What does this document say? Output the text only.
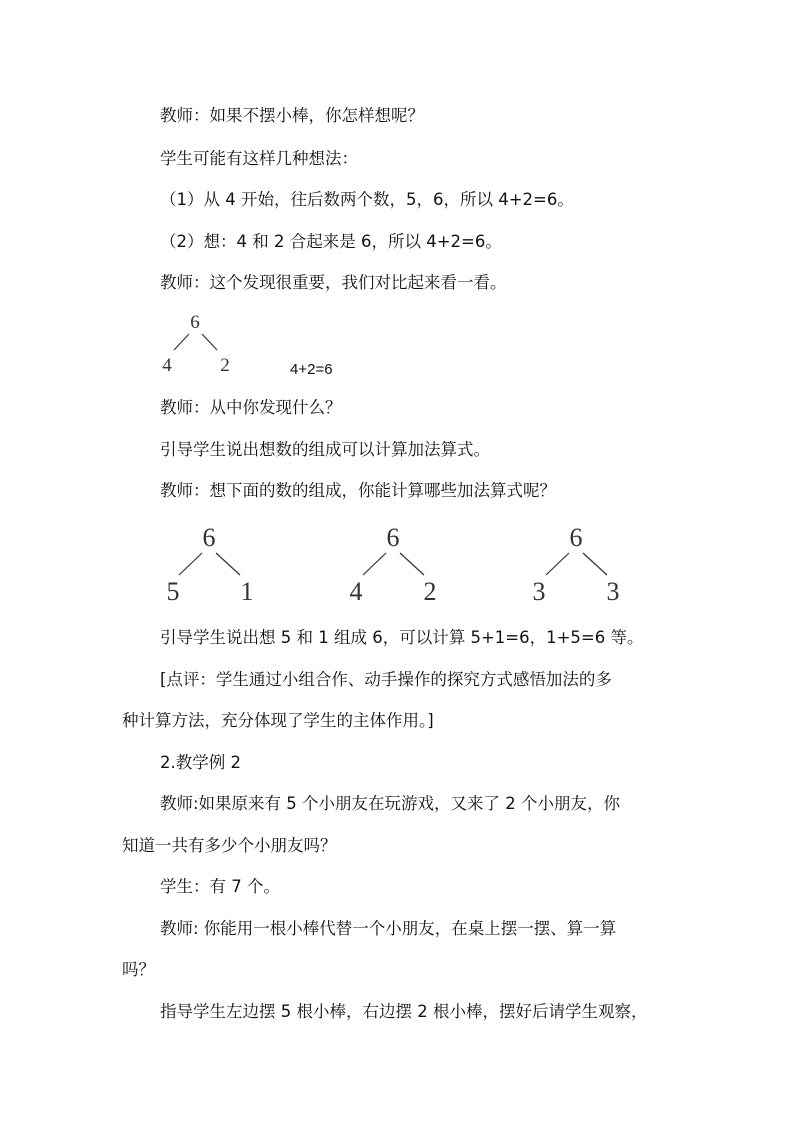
教师：如果不摆小棒，你怎样想呢？
学生可能有这样几种想法：
（1）从 4 开始，往后数两个数，5，6，所以 4+2=6。
（2）想：4 和 2 合起来是 6，所以 4+2=6。
教师：这个发现很重要，我们对比起来看一看。
6
4	2	4+2=6
教师：从中你发现什么？
引导学生说出想数的组成可以计算加法算式。
教师：想下面的数的组成，你能计算哪些加法算式呢？
6
5 1
6
4 2
6
3 3
引导学生说出想 5 和 1 组成 6，可以计算 5+1=6，1+5=6 等。
[点评：学生通过小组合作、动手操作的探究方式感悟加法的多
种计算方法，充分体现了学生的主体作用。]
2.教学例 2
教师:如果原来有 5 个小朋友在玩游戏，又来了 2 个小朋友，你
知道一共有多少个小朋友吗？
学生：有 7 个。
教师: 你能用一根小棒代替一个小朋友，在桌上摆一摆、算一算
吗？
指导学生左边摆 5 根小棒，右边摆 2 根小棒，摆好后请学生观察，
